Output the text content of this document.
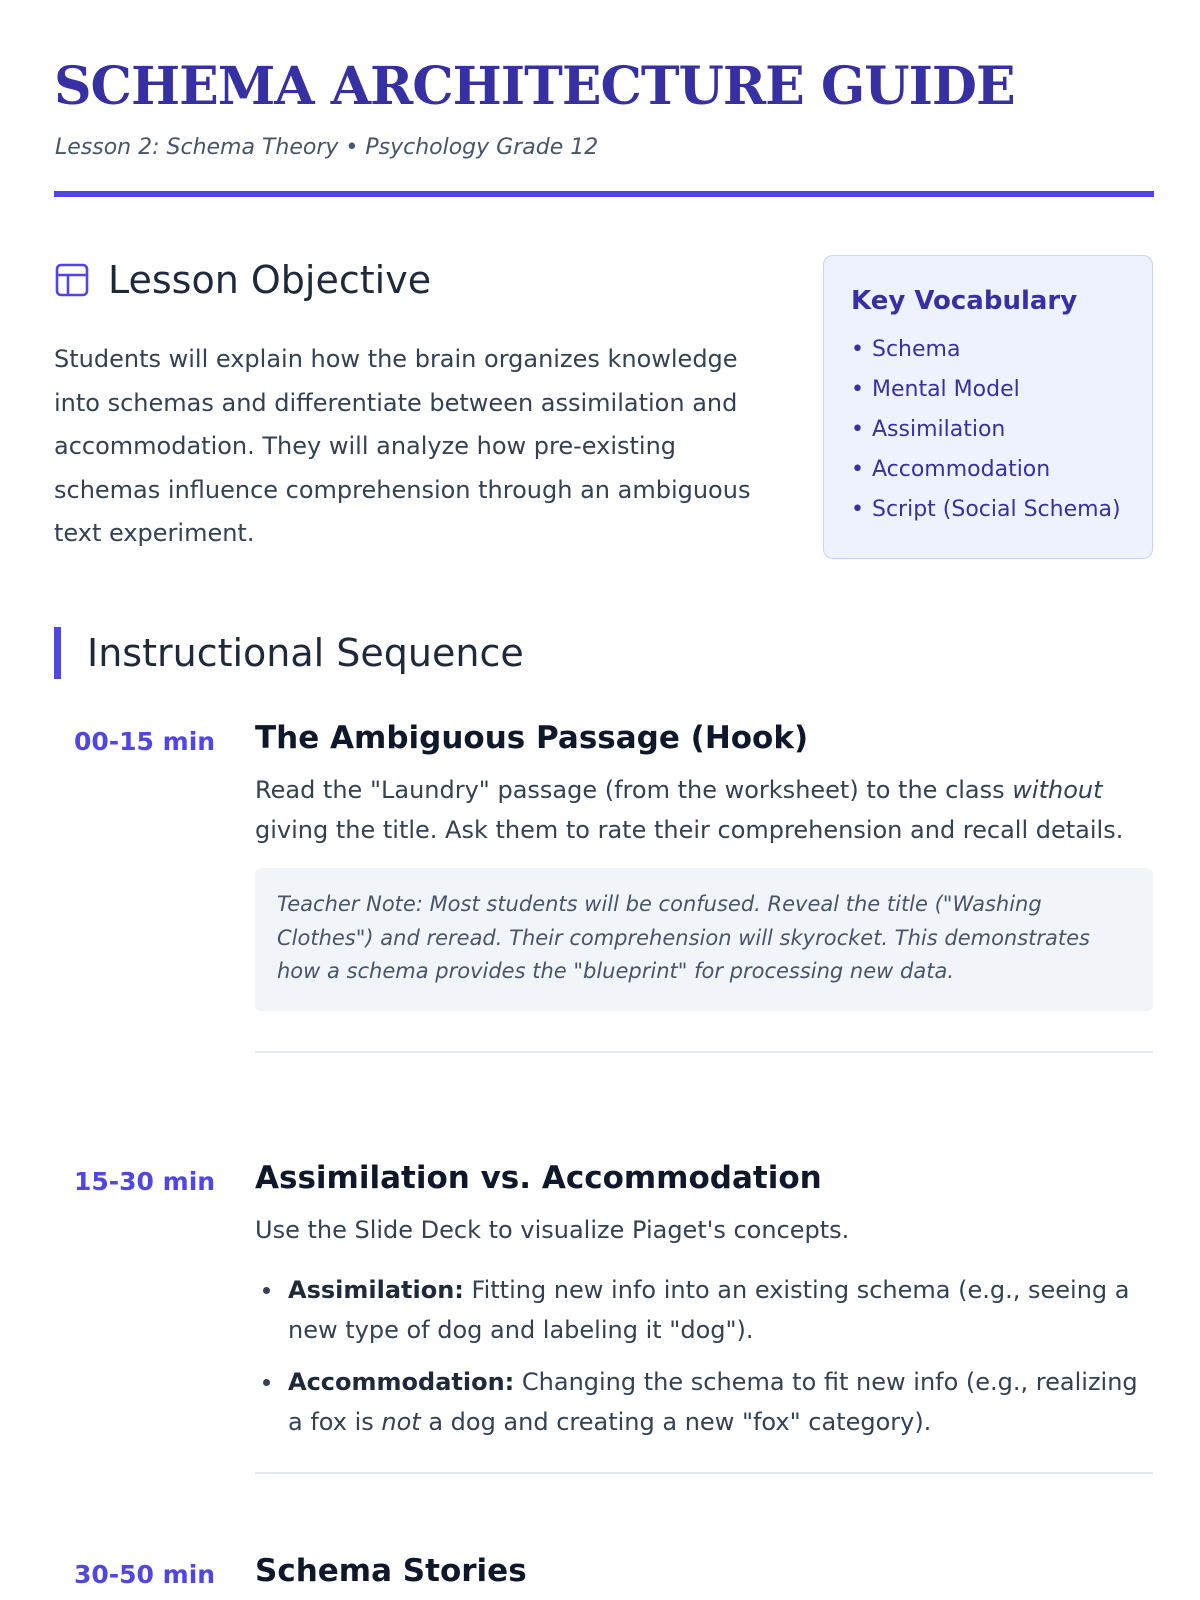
SCHEMA ARCHITECTURE GUIDE
Lesson 2: Schema Theory • Psychology Grade 12
Lesson Objective

Students will explain how the brain organizes knowledge into schemas and differentiate between assimilation and accommodation. They will analyze how pre-existing schemas influence comprehension through an ambiguous text experiment.

Key Vocabulary
• Schema
• Mental Model
• Assimilation
• Accommodation
• Script (Social Schema)
Instructional Sequence
00-15 min The Ambiguous Passage (Hook)

Read the "Laundry" passage (from the worksheet) to the class without giving the title. Ask them to rate their comprehension and recall details.

Teacher Note: Most students will be confused. Reveal the title ("Washing Clothes") and reread. Their comprehension will skyrocket. This demonstrates how a schema provides the "blueprint" for processing new data.
15-30 min Assimilation vs. Accommodation

Use the Slide Deck to visualize Piaget's concepts.

Assimilation: Fitting new info into an existing schema (e.g., seeing a new type of dog and labeling it "dog").
Accommodation: Changing the schema to fit new info (e.g., realizing a fox is not a dog and creating a new "fox" category).
30-50 min Schema Stories
